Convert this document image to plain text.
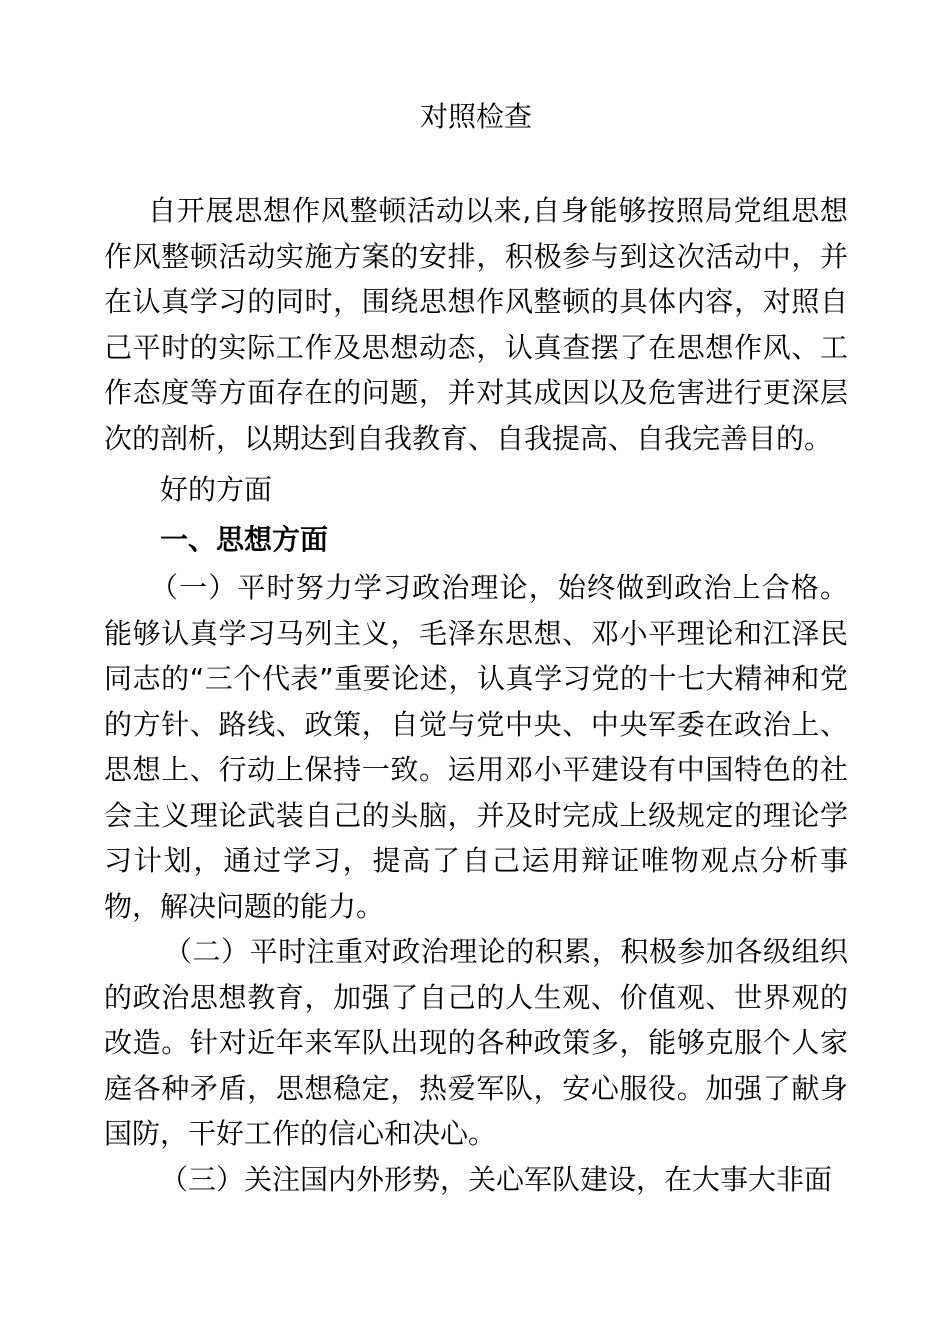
对照检查

自开展思想作风整顿活动以来,自身能够按照局党组思想作风整顿活动实施方案的安排，积极参与到这次活动中，并在认真学习的同时，围绕思想作风整顿的具体内容，对照自己平时的实际工作及思想动态，认真查摆了在思想作风、工作态度等方面存在的问题，并对其成因以及危害进行更深层次的剖析，以期达到自我教育、自我提高、自我完善目的。

好的方面

一、思想方面

（一）平时努力学习政治理论，始终做到政治上合格。能够认真学习马列主义，毛泽东思想、邓小平理论和江泽民同志的“三个代表”重要论述，认真学习党的十七大精神和党的方针、路线、政策，自觉与党中央、中央军委在政治上、思想上、行动上保持一致。运用邓小平建设有中国特色的社会主义理论武装自己的头脑，并及时完成上级规定的理论学习计划，通过学习，提高了自己运用辩证唯物观点分析事物，解决问题的能力。

（二）平时注重对政治理论的积累，积极参加各级组织的政治思想教育，加强了自己的人生观、价值观、世界观的改造。针对近年来军队出现的各种政策多，能够克服个人家庭各种矛盾，思想稳定，热爱军队，安心服役。加强了献身国防，干好工作的信心和决心。

（三）关注国内外形势，关心军队建设，在大事大非面
